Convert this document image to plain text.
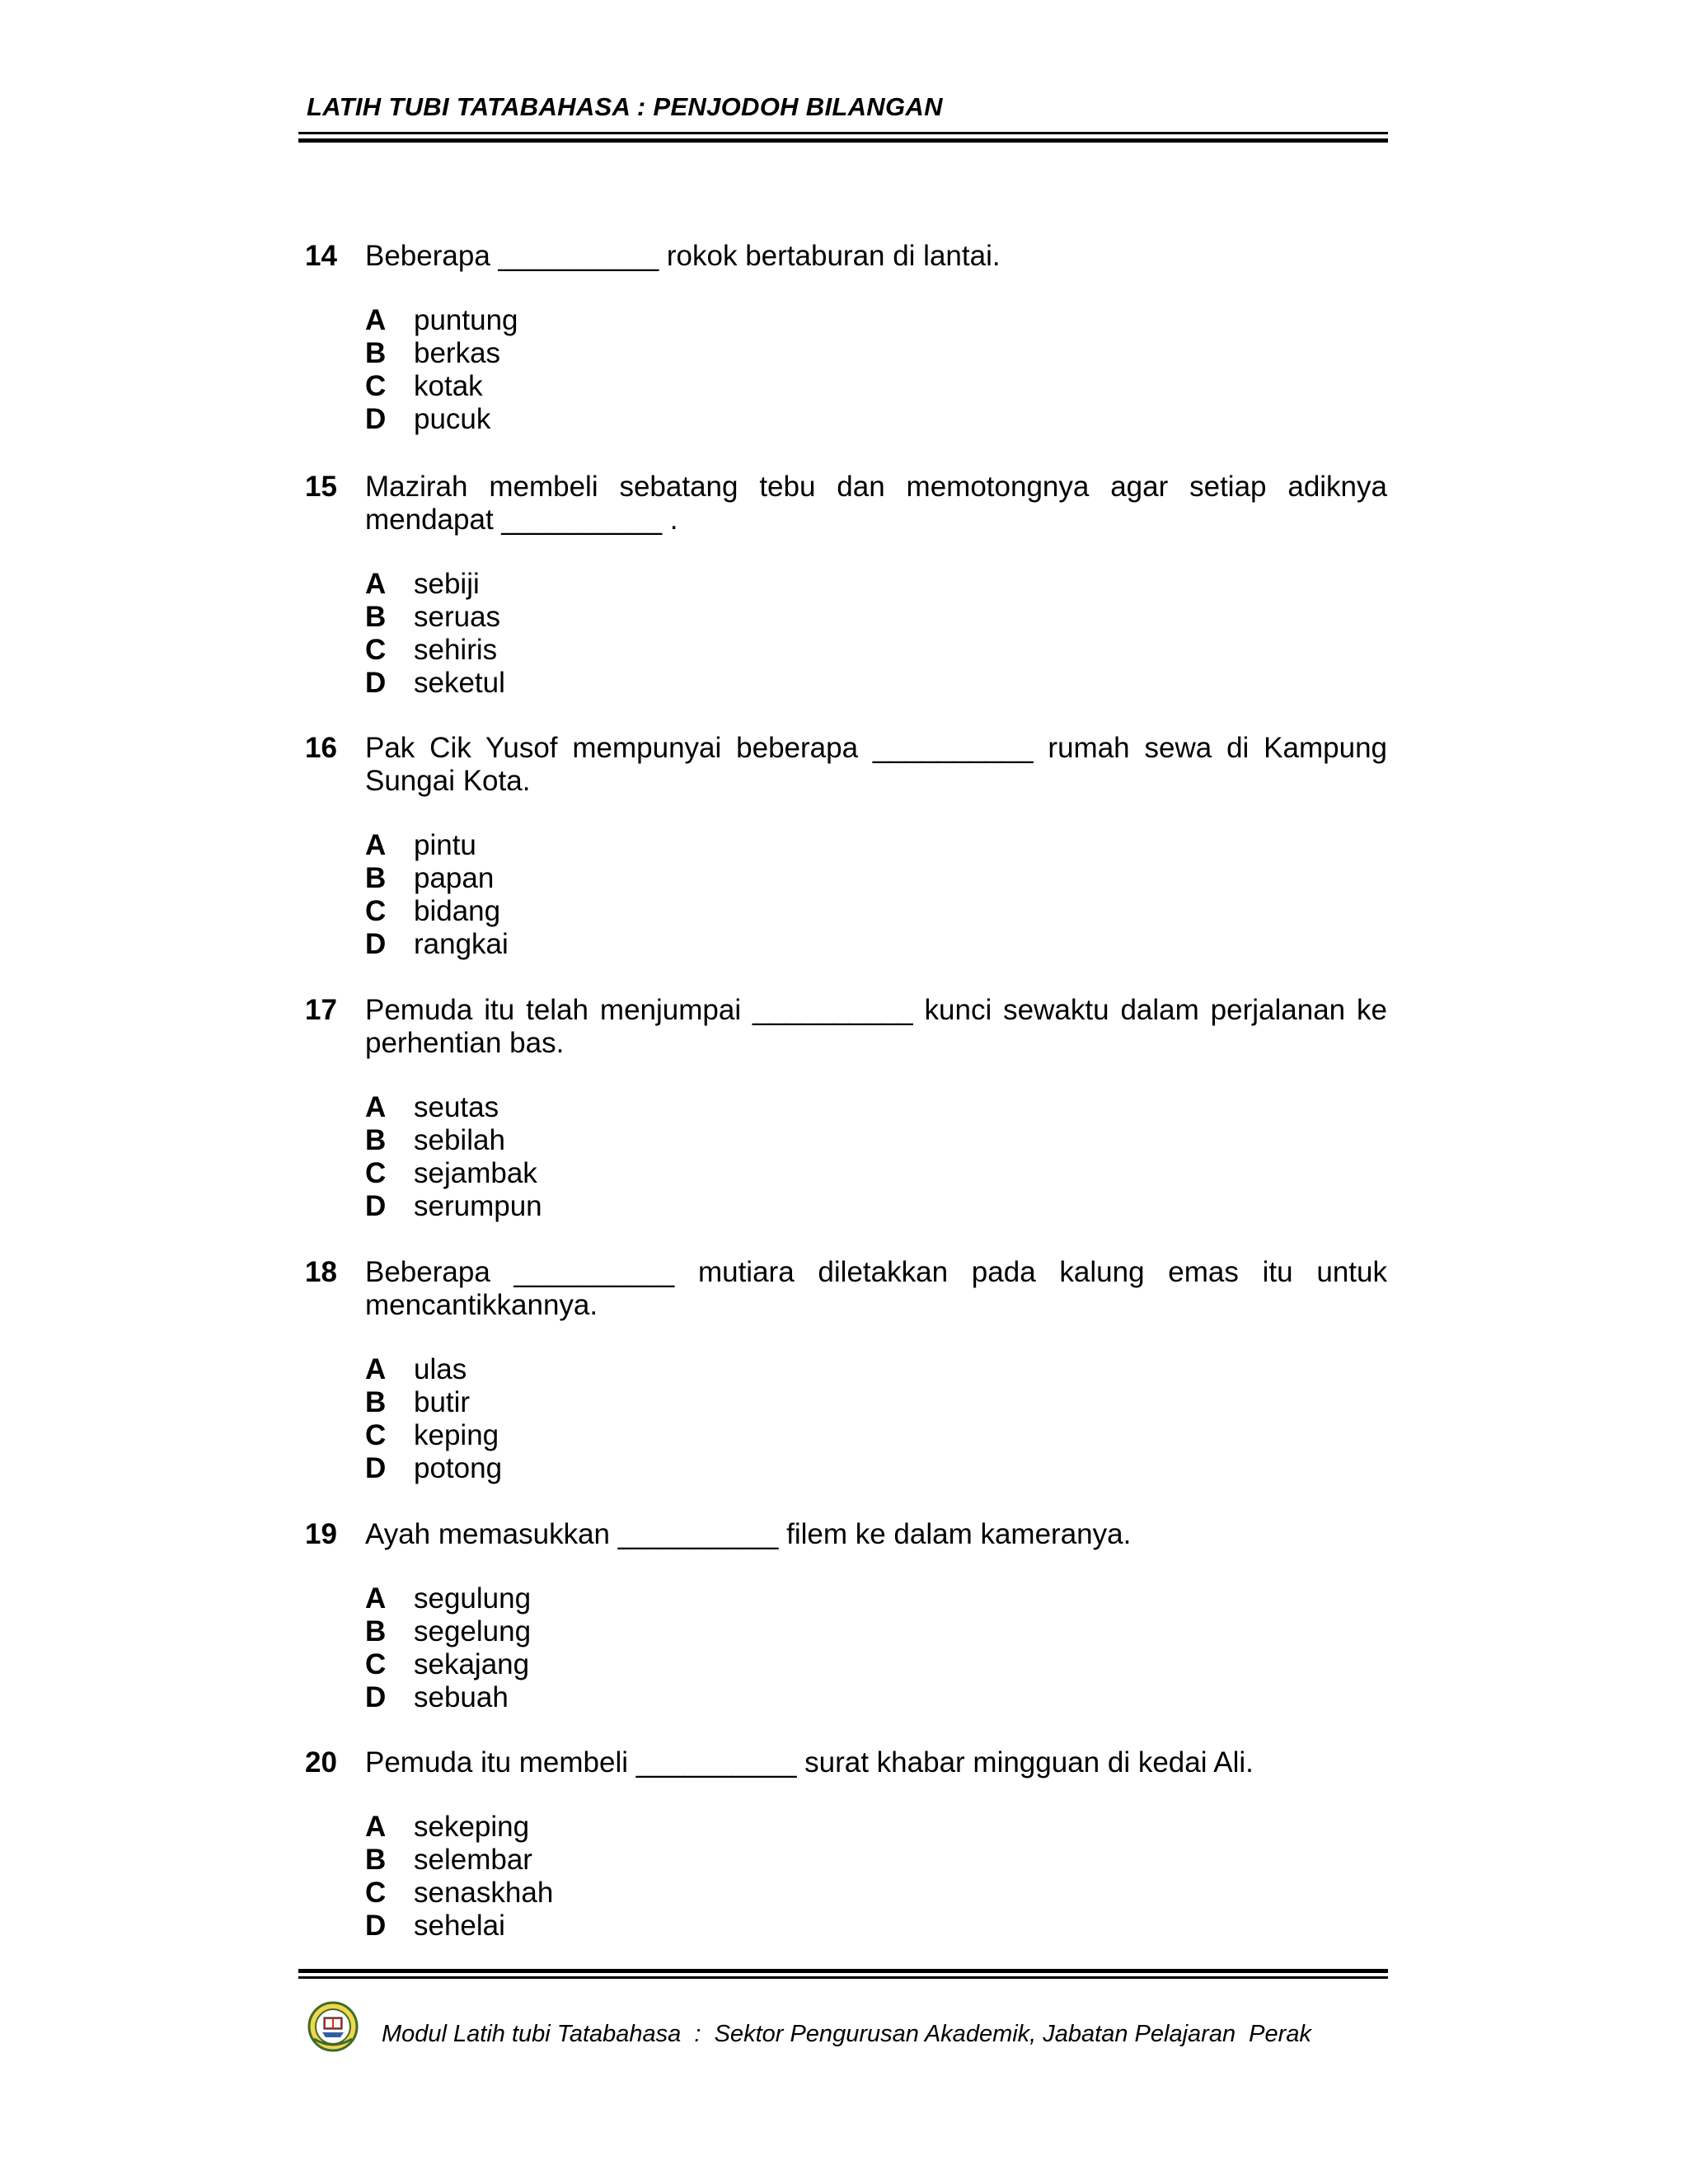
LATIH TUBI TATABAHASA : PENJODOH BILANGAN
14 Beberapa __________ rokok bertaburan di lantai.
A puntung
B berkas
C kotak
D pucuk
15 Mazirah membeli sebatang tebu dan memotongnya agar setiap adiknya mendapat __________ .
A sebiji
B seruas
C sehiris
D seketul
16 Pak Cik Yusof mempunyai beberapa __________ rumah sewa di Kampung Sungai Kota.
A pintu
B papan
C bidang
D rangkai
17 Pemuda itu telah menjumpai __________ kunci sewaktu dalam perjalanan ke perhentian bas.
A seutas
B sebilah
C sejambak
D serumpun
18 Beberapa __________ mutiara diletakkan pada kalung emas itu untuk mencantikkannya.
A ulas
B butir
C keping
D potong
19 Ayah memasukkan __________ filem ke dalam kameranya.
A segulung
B segelung
C sekajang
D sebuah
20 Pemuda itu membeli __________ surat khabar mingguan di kedai Ali.
A sekeping
B selembar
C senaskhah
D sehelai
Modul Latih tubi Tatabahasa  :  Sektor Pengurusan Akademik, Jabatan Pelajaran  Perak
